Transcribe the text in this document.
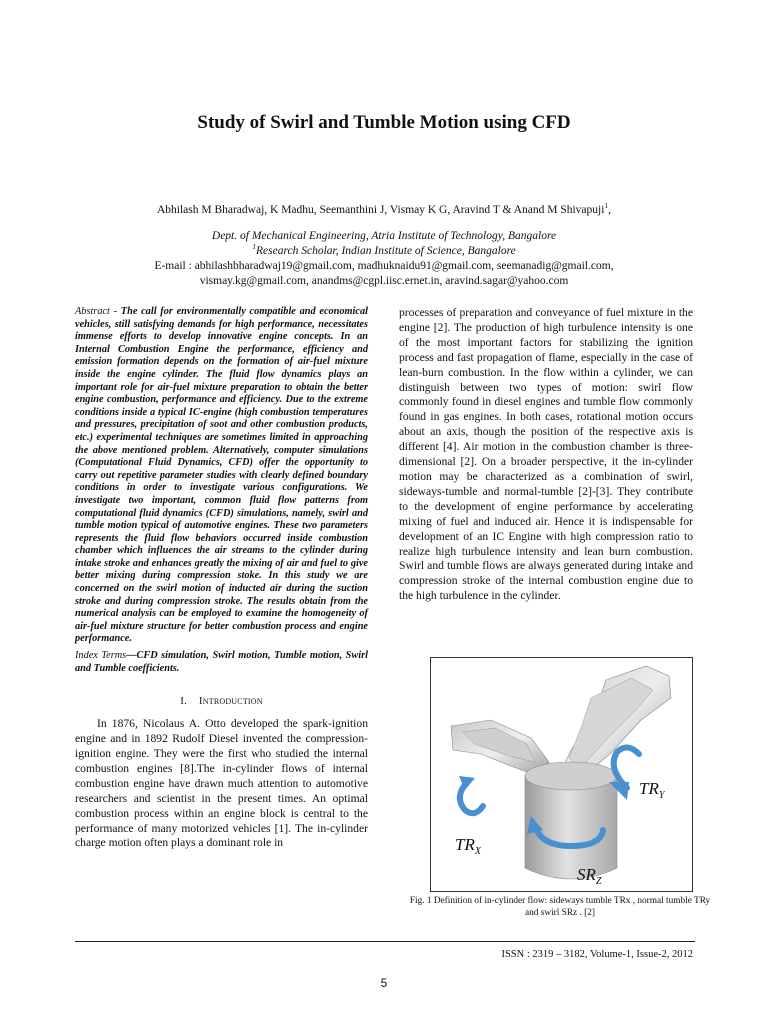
Study of Swirl and Tumble Motion using CFD
Abhilash M Bharadwaj, K Madhu, Seemanthini J, Vismay K G, Aravind T & Anand M Shivapuji$^1$,
Dept. of Mechanical Engineering, Atria Institute of Technology, Bangalore
$^1$Research Scholar, Indian Institute of Science, Bangalore
E-mail : abhilashbharadwaj19@gmail.com, madhuknaidu91@gmail.com, seemanadig@gmail.com,
vismay.kg@gmail.com, anandms@cgpl.iisc.ernet.in, aravind.sagar@yahoo.com

Abstract - The call for environmentally compatible and economical vehicles, still satisfying demands for high performance, necessitates immense efforts to develop innovative engine concepts. In an Internal Combustion Engine the performance, efficiency and emission formation depends on the formation of air-fuel mixture inside the engine cylinder. The fluid flow dynamics plays an important role for air-fuel mixture preparation to obtain the better engine combustion, performance and efficiency. Due to the extreme conditions inside a typical IC-engine (high combustion temperatures and pressures, precipitation of soot and other combustion products, etc.) experimental techniques are sometimes limited in approaching the above mentioned problem. Alternatively, computer simulations (Computational Fluid Dynamics, CFD) offer the opportunity to carry out repetitive parameter studies with clearly defined boundary conditions in order to investigate various configurations. We investigate two important, common fluid flow patterns from computational fluid dynamics (CFD) simulations, namely, swirl and tumble motion typical of automotive engines. These two parameters represents the fluid flow behaviors occurred inside combustion chamber which influences the air streams to the cylinder during intake stroke and enhances greatly the mixing of air and fuel to give better mixing during compression stoke. In this study we are concerned on the swirl motion of inducted air during the suction stroke and during compression stroke. The results obtain from the numerical analysis can be employed to examine the homogeneity of air-fuel mixture structure for better combustion process and engine performance.

Index Terms—CFD simulation, Swirl motion, Tumble motion, Swirl and Tumble coefficients.

I. Introduction

In 1876, Nicolaus A. Otto developed the spark-ignition engine and in 1892 Rudolf Diesel invented the compression-ignition engine. They were the first who studied the internal combustion engines [8].The in-cylinder flows of internal combustion engine have drawn much attention to automotive researchers and scientist in the present times. An optimal combustion process within an engine block is central to the performance of many motorized vehicles [1]. The in-cylinder charge motion often plays a dominant role in

processes of preparation and conveyance of fuel mixture in the engine [2]. The production of high turbulence intensity is one of the most important factors for stabilizing the ignition process and fast propagation of flame, especially in the case of lean-burn combustion. In the flow within a cylinder, we can distinguish between two types of motion: swirl flow commonly found in diesel engines and tumble flow commonly found in gas engines. In both cases, rotational motion occurs about an axis, though the position of the respective axis is different [4]. Air motion in the combustion chamber is three-dimensional [2]. On a broader perspective, it the in-cylinder motion may be characterized as a combination of swirl, sideways-tumble and normal-tumble [2]-[3]. They contribute to the development of engine performance by accelerating mixing of fuel and induced air. Hence it is indispensable for development of an IC Engine with high compression ratio to realize high turbulence intensity and lean burn combustion. Swirl and tumble flows are always generated during intake and compression stroke of the internal combustion engine due to the high turbulence in the cylinder.

$TR_Y$
$TR_X$
$SR_Z$
Fig. 1 Definition of in-cylinder flow: sideways tumble TRx , normal tumble TRy and swirl SRz . [2]
ISSN : 2319 – 3182, Volume-1, Issue-2, 2012
5
